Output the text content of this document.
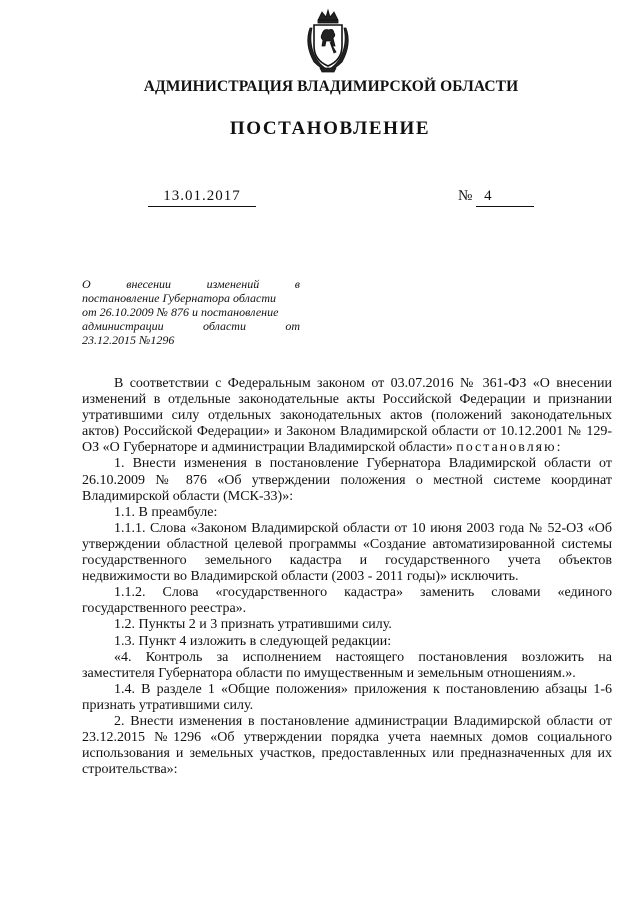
АДМИНИСТРАЦИЯ ВЛАДИМИРСКОЙ ОБЛАСТИ
ПОСТАНОВЛЕНИЕ
13.01.2017	№ 4
О внесении изменений в
постановление Губернатора области
от 26.10.2009 № 876 и постановление
администрации области от
23.12.2015 №1296

В соответствии с Федеральным законом от 03.07.2016 № 361-ФЗ «О внесении изменений в отдельные законодательные акты Российской Федерации и признании утратившими силу отдельных законодательных актов (положений законодательных актов) Российской Федерации» и Законом Владимирской области от 10.12.2001 № 129-ОЗ «О Губернаторе и администрации Владимирской области» постановляю:

1. Внести изменения в постановление Губернатора Владимирской области от 26.10.2009 № 876 «Об утверждении положения о местной системе координат Владимирской области (МСК-33)»:

1.1. В преамбуле:

1.1.1. Слова «Законом Владимирской области от 10 июня 2003 года № 52-ОЗ «Об утверждении областной целевой программы «Создание автоматизированной системы государственного земельного кадастра и государственного учета объектов недвижимости во Владимирской области (2003 - 2011 годы)» исключить.

1.1.2. Слова «государственного кадастра» заменить словами «единого государственного реестра».

1.2. Пункты 2 и 3 признать утратившими силу.

1.3. Пункт 4 изложить в следующей редакции:

«4. Контроль за исполнением настоящего постановления возложить на заместителя Губернатора области по имущественным и земельным отношениям.».

1.4. В разделе 1 «Общие положения» приложения к постановлению абзацы 1-6 признать утратившими силу.

2. Внести изменения в постановление администрации Владимирской области от 23.12.2015 №1296 «Об утверждении порядка учета наемных домов социального использования и земельных участков, предоставленных или предназначенных для их строительства»:
